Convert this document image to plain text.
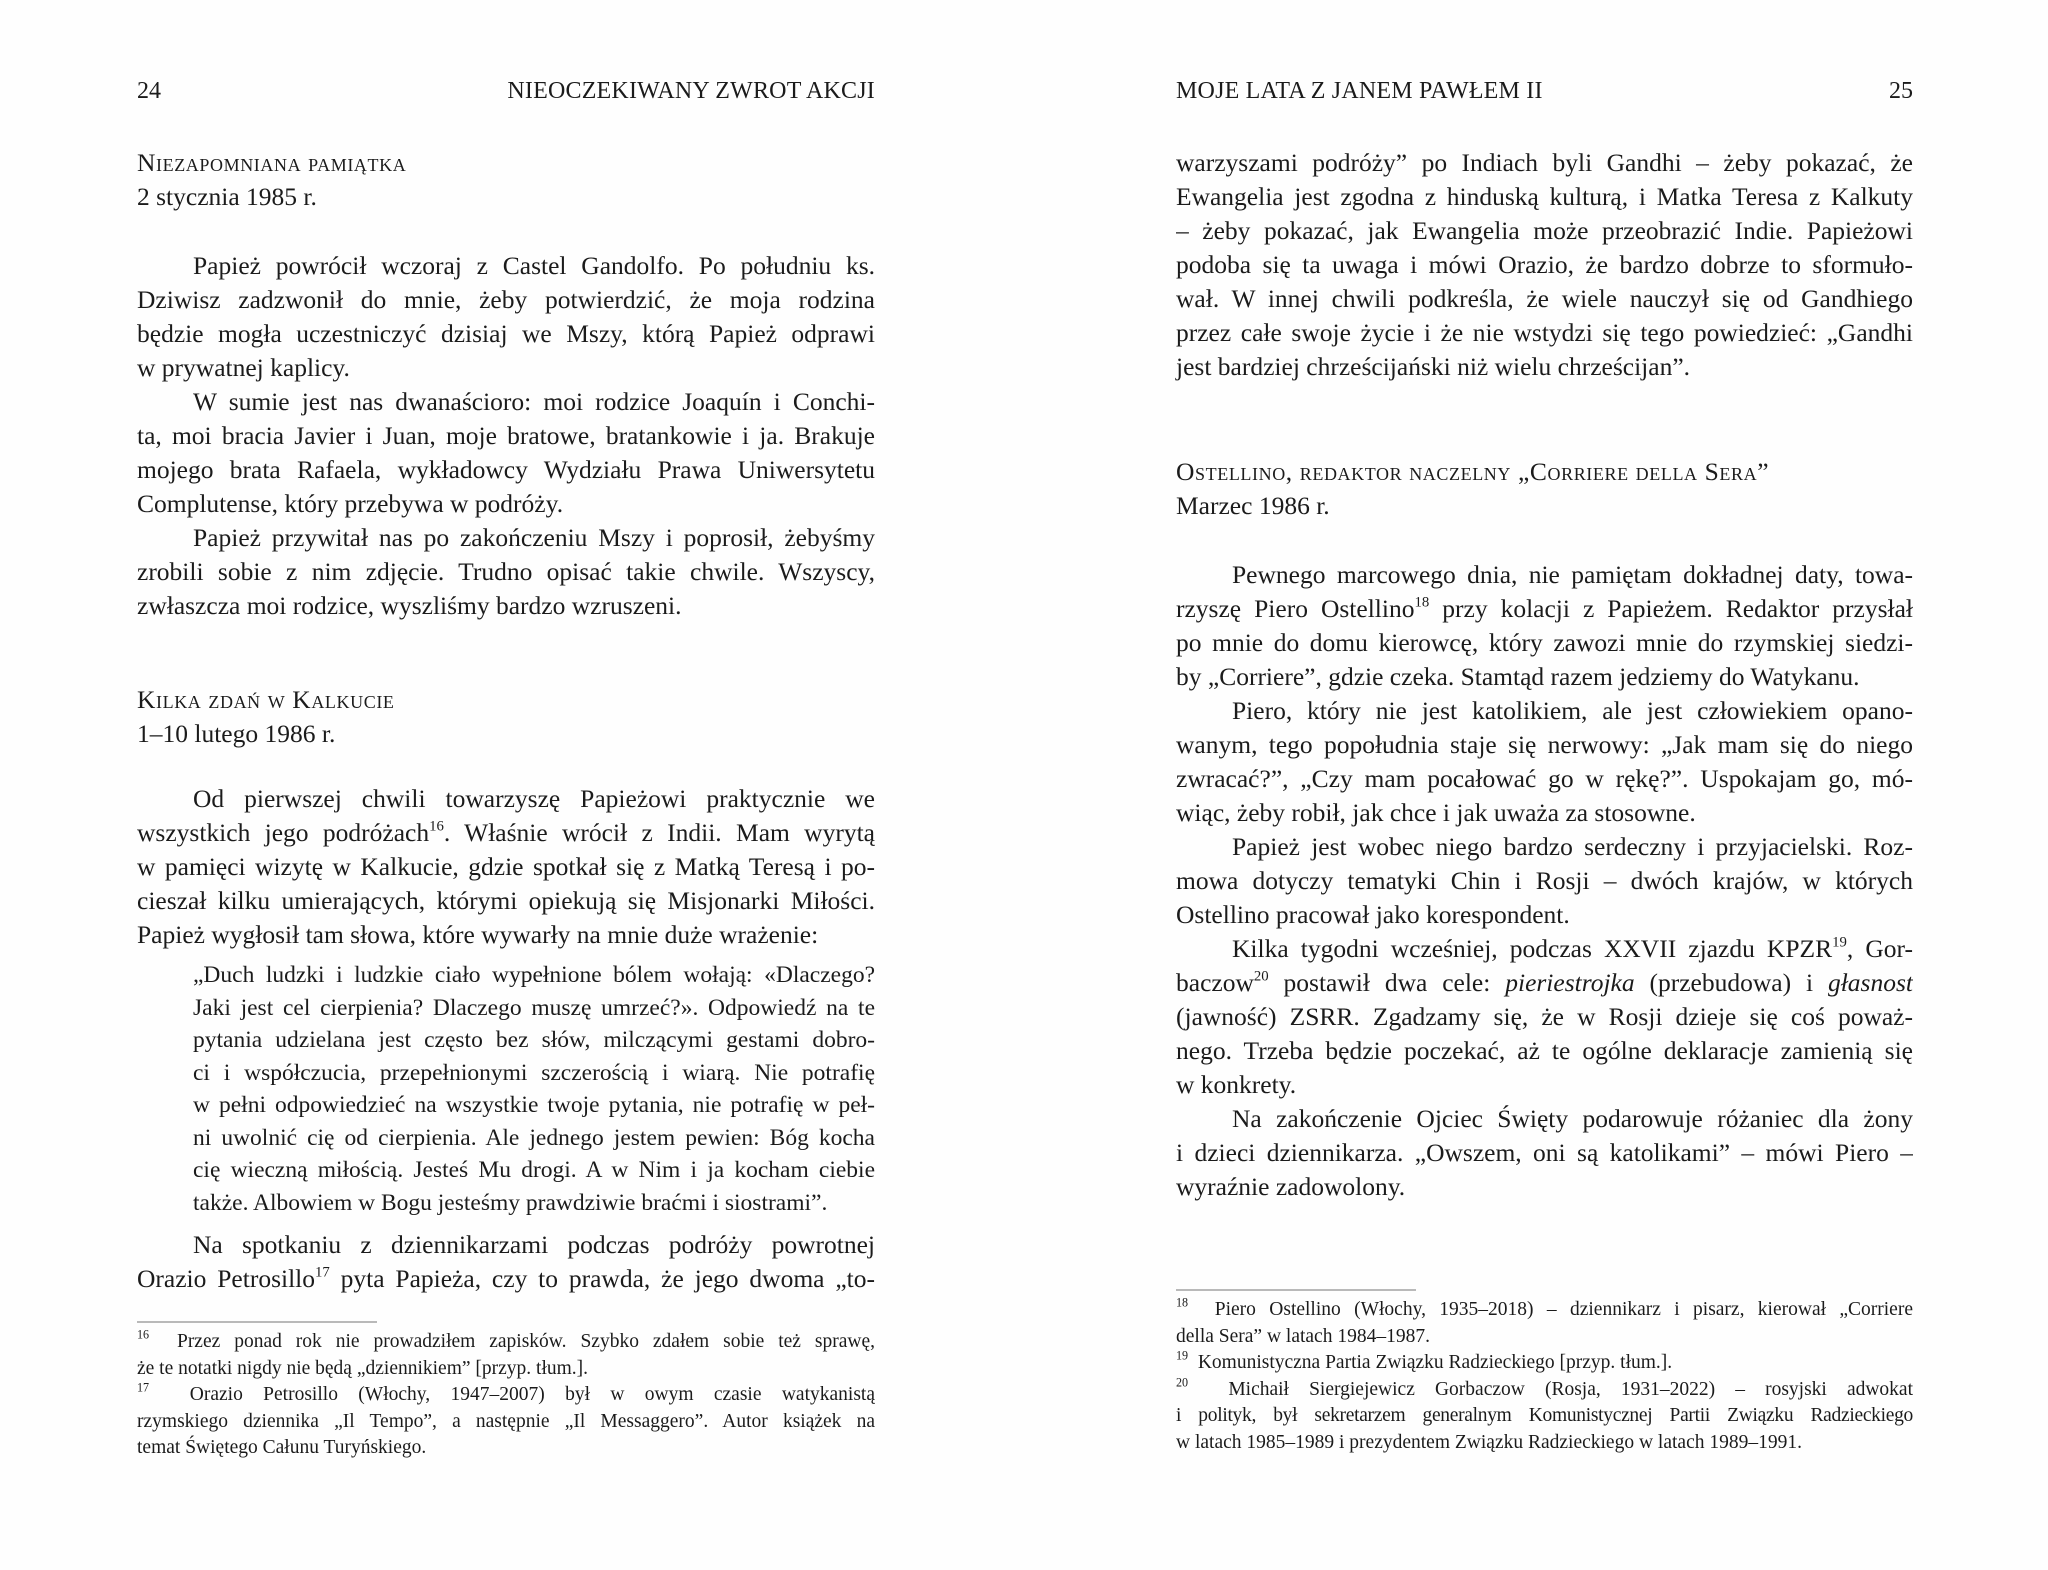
24	NIEOCZEKIWANY ZWROT AKCJI
Niezapomniana pamiątka
2 stycznia 1985 r.
Papież powrócił wczoraj z Castel Gandolfo. Po południu ks.
Dziwisz zadzwonił do mnie, żeby potwierdzić, że moja rodzina
będzie mogła uczestniczyć dzisiaj we Mszy, którą Papież odprawi
w prywatnej kaplicy.
W sumie jest nas dwanaścioro: moi rodzice Joaquín i Conchi-
ta, moi bracia Javier i Juan, moje bratowe, bratankowie i ja. Brakuje
mojego brata Rafaela, wykładowcy Wydziału Prawa Uniwersytetu
Complutense, który przebywa w podróży.
Papież przywitał nas po zakończeniu Mszy i poprosił, żebyśmy
zrobili sobie z nim zdjęcie. Trudno opisać takie chwile. Wszyscy,
zwłaszcza moi rodzice, wyszliśmy bardzo wzruszeni.
Kilka zdań w Kalkucie
1–10 lutego 1986 r.
Od pierwszej chwili towarzyszę Papieżowi praktycznie we
wszystkich jego podróżach$^{16}$. Właśnie wrócił z Indii. Mam wyrytą
w pamięci wizytę w Kalkucie, gdzie spotkał się z Matką Teresą i po-
cieszał kilku umierających, którymi opiekują się Misjonarki Miłości.
Papież wygłosił tam słowa, które wywarły na mnie duże wrażenie:
„Duch ludzki i ludzkie ciało wypełnione bólem wołają: «Dlaczego?
Jaki jest cel cierpienia? Dlaczego muszę umrzeć?». Odpowiedź na te
pytania udzielana jest często bez słów, milczącymi gestami dobro-
ci i współczucia, przepełnionymi szczerością i wiarą. Nie potrafię
w pełni odpowiedzieć na wszystkie twoje pytania, nie potrafię w peł-
ni uwolnić cię od cierpienia. Ale jednego jestem pewien: Bóg kocha
cię wieczną miłością. Jesteś Mu drogi. A w Nim i ja kocham ciebie
także. Albowiem w Bogu jesteśmy prawdziwie braćmi i siostrami”.
Na spotkaniu z dziennikarzami podczas podróży powrotnej
Orazio Petrosillo$^{17}$ pyta Papieża, czy to prawda, że jego dwoma „to-
$^{16}$ Przez ponad rok nie prowadziłem zapisków. Szybko zdałem sobie też sprawę,
że te notatki nigdy nie będą „dziennikiem” [przyp. tłum.].
$^{17}$ Orazio Petrosillo (Włochy, 1947–2007) był w owym czasie watykanistą
rzymskiego dziennika „Il Tempo”, a następnie „Il Messaggero”. Autor książek na
temat Świętego Całunu Turyńskiego.
MOJE LATA Z JANEM PAWŁEM II	25
warzyszami podróży” po Indiach byli Gandhi – żeby pokazać, że
Ewangelia jest zgodna z hinduską kulturą, i Matka Teresa z Kalkuty
– żeby pokazać, jak Ewangelia może przeobrazić Indie. Papieżowi
podoba się ta uwaga i mówi Orazio, że bardzo dobrze to sformuło-
wał. W innej chwili podkreśla, że wiele nauczył się od Gandhiego
przez całe swoje życie i że nie wstydzi się tego powiedzieć: „Gandhi
jest bardziej chrześcijański niż wielu chrześcijan”.
Ostellino, redaktor naczelny „Corriere della Sera”
Marzec 1986 r.
Pewnego marcowego dnia, nie pamiętam dokładnej daty, towa-
rzyszę Piero Ostellino$^{18}$ przy kolacji z Papieżem. Redaktor przysłał
po mnie do domu kierowcę, który zawozi mnie do rzymskiej siedzi-
by „Corriere”, gdzie czeka. Stamtąd razem jedziemy do Watykanu.
Piero, który nie jest katolikiem, ale jest człowiekiem opano-
wanym, tego popołudnia staje się nerwowy: „Jak mam się do niego
zwracać?”, „Czy mam pocałować go w rękę?”. Uspokajam go, mó-
wiąc, żeby robił, jak chce i jak uważa za stosowne.
Papież jest wobec niego bardzo serdeczny i przyjacielski. Roz-
mowa dotyczy tematyki Chin i Rosji – dwóch krajów, w których
Ostellino pracował jako korespondent.
Kilka tygodni wcześniej, podczas XXVII zjazdu KPZR$^{19}$, Gor-
baczow$^{20}$ postawił dwa cele: pieriestrojka (przebudowa) i głasnost
(jawność) ZSRR. Zgadzamy się, że w Rosji dzieje się coś poważ-
nego. Trzeba będzie poczekać, aż te ogólne deklaracje zamienią się
w konkrety.
Na zakończenie Ojciec Święty podarowuje różaniec dla żony
i dzieci dziennikarza. „Owszem, oni są katolikami” – mówi Piero –
wyraźnie zadowolony.
$^{18}$ Piero Ostellino (Włochy, 1935–2018) – dziennikarz i pisarz, kierował „Corriere
della Sera” w latach 1984–1987.
$^{19}$ Komunistyczna Partia Związku Radzieckiego [przyp. tłum.].
$^{20}$ Michaił Siergiejewicz Gorbaczow (Rosja, 1931–2022) – rosyjski adwokat
i polityk, był sekretarzem generalnym Komunistycznej Partii Związku Radzieckiego
w latach 1985–1989 i prezydentem Związku Radzieckiego w latach 1989–1991.
